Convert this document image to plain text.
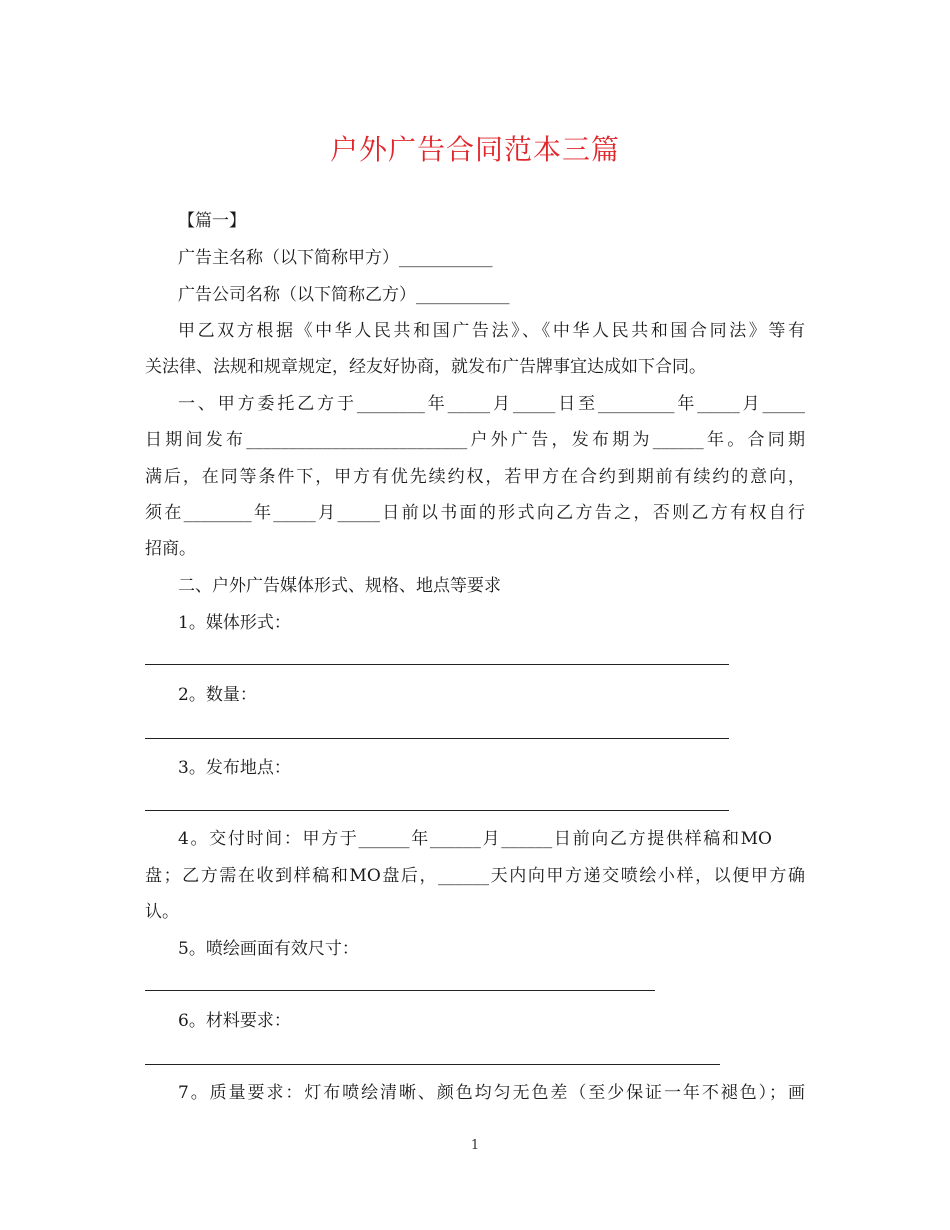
户外广告合同范本三篇
【篇一】
广告主名称（以下简称甲方）___________
广告公司名称（以下简称乙方）___________
甲乙双方根据《中华人民共和国广告法》、《中华人民共和国合同法》等有
关法律、法规和规章规定，经友好协商，就发布广告牌事宜达成如下合同。
一、甲方委托乙方于________年_____月_____日至_________年_____月_____
日期间发布__________________________户外广告，发布期为______年。合同期
满后，在同等条件下，甲方有优先续约权，若甲方在合约到期前有续约的意向，
须在________年_____月_____日前以书面的形式向乙方告之，否则乙方有权自行
招商。
二、户外广告媒体形式、规格、地点等要求
1。媒体形式：
2。数量：
3。发布地点：
4。交付时间：甲方于______年______月______日前向乙方提供样稿和MO
盘；乙方需在收到样稿和MO盘后，______天内向甲方递交喷绘小样，以便甲方确
认。
5。喷绘画面有效尺寸：
6。材料要求：
7。质量要求：灯布喷绘清晰、颜色均匀无色差（至少保证一年不褪色）；画
1
